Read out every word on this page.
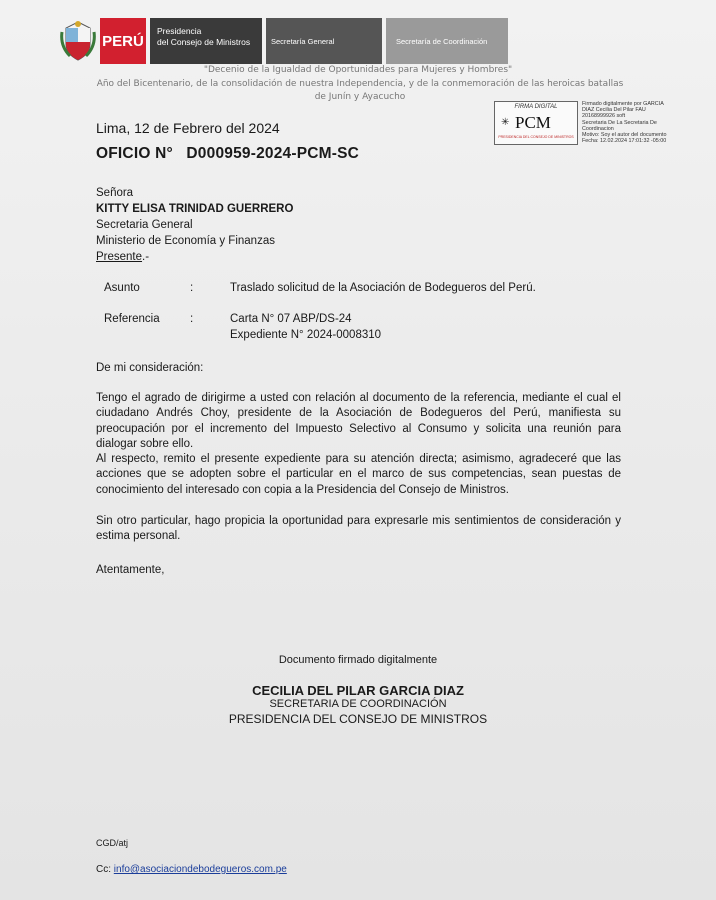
PERÚ
Presidencia
del Consejo de Ministros	Secretaría General	Secretaría de Coordinación
"Decenio de la Igualdad de Oportunidades para Mujeres y Hombres"
Año del Bicentenario, de la consolidación de nuestra Independencia, y de la conmemoración de las heroicas batallas
de Junín y Ayacucho
FIRMA DIGITAL
✳ PCM
PRESIDENCIA DEL CONSEJO DE MINISTROS
Firmado digitalmente por GARCIA
DIAZ Cecilia Del Pilar FAU
20168999926 soft
Secretaria De La Secretaria De
Coordinacion
Motivo: Soy el autor del documento
Fecha: 12.02.2024 17:01:32 -05:00
Lima, 12 de Febrero del 2024
OFICIO N°   D000959-2024-PCM-SC
Señora
KITTY ELISA TRINIDAD GUERRERO
Secretaria General
Ministerio de Economía y Finanzas
Presente.-
Asunto	:	Traslado solicitud de la Asociación de Bodegueros del Perú.
Referencia	:	Carta N° 07 ABP/DS-24
Expediente N° 2024-0008310
De mi consideración:
Tengo el agrado de dirigirme a usted con relación al documento de la referencia, mediante el cual el ciudadano Andrés Choy, presidente de la Asociación de Bodegueros del Perú, manifiesta su preocupación por el incremento del Impuesto Selectivo al Consumo y solicita una reunión para dialogar sobre ello.
Al respecto, remito el presente expediente para su atención directa; asimismo, agradeceré que las acciones que se adopten sobre el particular en el marco de sus competencias, sean puestas de conocimiento del interesado con copia a la Presidencia del Consejo de Ministros.
Sin otro particular, hago propicia la oportunidad para expresarle mis sentimientos de consideración y estima personal.
Atentamente,
Documento firmado digitalmente
CECILIA DEL PILAR GARCIA DIAZ
SECRETARIA DE COORDINACIÓN
PRESIDENCIA DEL CONSEJO DE MINISTROS
CGD/atj
Cc: info@asociaciondebodegueros.com.pe
